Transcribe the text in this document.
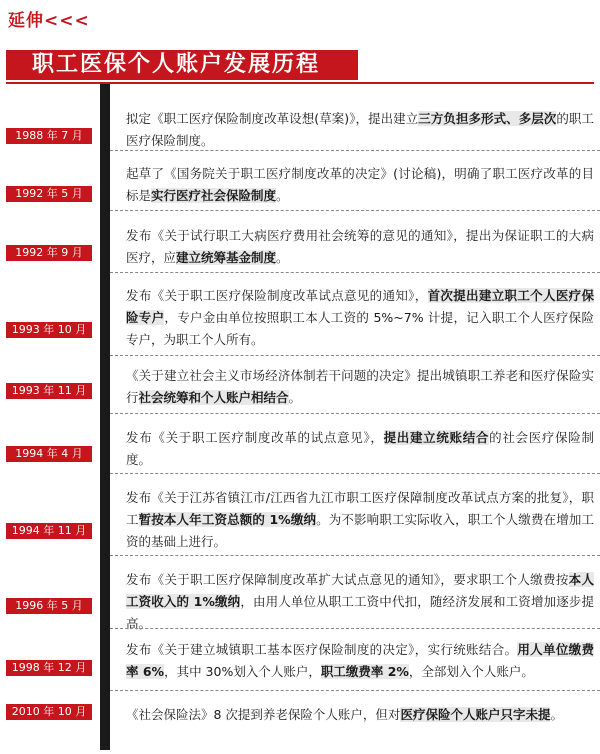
延伸<<<
职工医保个人账户发展历程
1988 年 7 月

拟定《职工医疗保险制度改革设想(草案)》，提出建立三方负担多形式、多层次的职工医疗保险制度。

1992 年 5 月

起草了《国务院关于职工医疗制度改革的决定》(讨论稿)，明确了职工医疗改革的目标是实行医疗社会保险制度。

1992 年 9 月

发布《关于试行职工大病医疗费用社会统筹的意见的通知》，提出为保证职工的大病医疗，应建立统筹基金制度。

1993 年 10 月

发布《关于职工医疗保险制度改革试点意见的通知》，首次提出建立职工个人医疗保险专户，专户金由单位按照职工本人工资的 5%~7% 计提，记入职工个人医疗保险专户，为职工个人所有。

1993 年 11 月

《关于建立社会主义市场经济体制若干问题的决定》提出城镇职工养老和医疗保险实行社会统筹和个人账户相结合。

1994 年 4 月

发布《关于职工医疗制度改革的试点意见》，提出建立统账结合的社会医疗保险制度。

1994 年 11 月

发布《关于江苏省镇江市/江西省九江市职工医疗保障制度改革试点方案的批复》，职工暂按本人年工资总额的 1%缴纳。为不影响职工实际收入，职工个人缴费在增加工资的基础上进行。

1996 年 5 月

发布《关于职工医疗保障制度改革扩大试点意见的通知》，要求职工个人缴费按本人工资收入的 1%缴纳，由用人单位从职工工资中代扣，随经济发展和工资增加逐步提高。

1998 年 12 月

发布《关于建立城镇职工基本医疗保险制度的决定》，实行统账结合。用人单位缴费率 6%，其中 30%划入个人账户，职工缴费率 2%，全部划入个人账户。

2010 年 10 月	《社会保险法》8 次提到养老保险个人账户，但对医疗保险个人账户只字未提。
